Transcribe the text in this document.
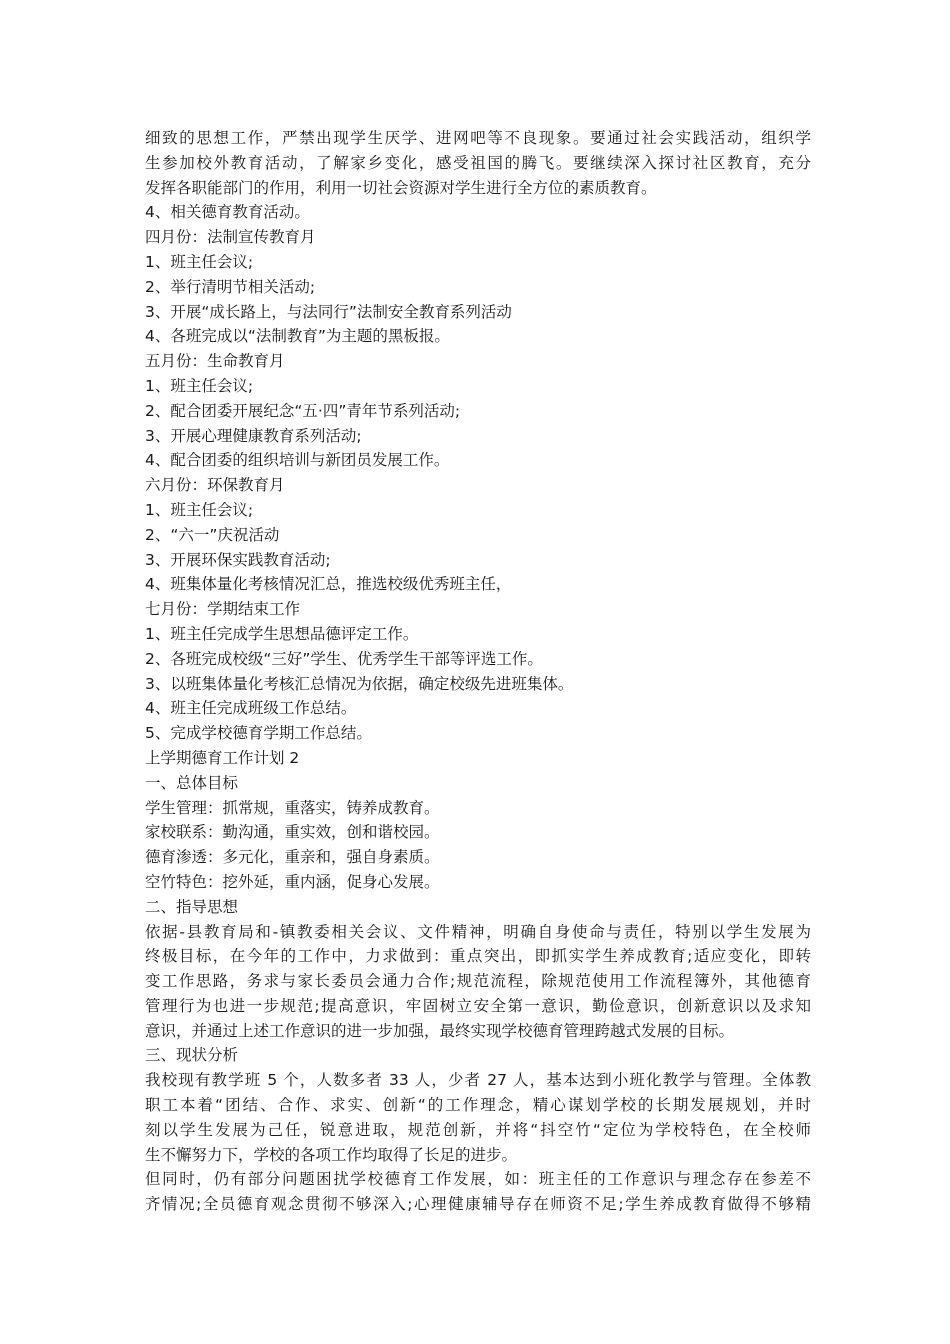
细致的思想工作，严禁出现学生厌学、进网吧等不良现象。要通过社会实践活动，组织学
生参加校外教育活动，了解家乡变化，感受祖国的腾飞。要继续深入探讨社区教育，充分
发挥各职能部门的作用，利用一切社会资源对学生进行全方位的素质教育。
4、相关德育教育活动。
四月份：法制宣传教育月
1、班主任会议;
2、举行清明节相关活动;
3、开展“成长路上，与法同行”法制安全教育系列活动
4、各班完成以“法制教育”为主题的黑板报。
五月份：生命教育月
1、班主任会议;
2、配合团委开展纪念“五·四”青年节系列活动;
3、开展心理健康教育系列活动;
4、配合团委的组织培训与新团员发展工作。
六月份：环保教育月
1、班主任会议;
2、“六一”庆祝活动
3、开展环保实践教育活动;
4、班集体量化考核情况汇总，推选校级优秀班主任，
七月份：学期结束工作
1、班主任完成学生思想品德评定工作。
2、各班完成校级“三好”学生、优秀学生干部等评选工作。
3、以班集体量化考核汇总情况为依据，确定校级先进班集体。
4、班主任完成班级工作总结。
5、完成学校德育学期工作总结。
上学期德育工作计划 2
一、总体目标
学生管理：抓常规，重落实，铸养成教育。
家校联系：勤沟通，重实效，创和谐校园。
德育渗透：多元化，重亲和，强自身素质。
空竹特色：挖外延，重内涵，促身心发展。
二、指导思想
依据-县教育局和-镇教委相关会议、文件精神，明确自身使命与责任，特别以学生发展为
终极目标，在今年的工作中，力求做到：重点突出，即抓实学生养成教育;适应变化，即转
变工作思路，务求与家长委员会通力合作;规范流程，除规范使用工作流程簿外，其他德育
管理行为也进一步规范;提高意识，牢固树立安全第一意识，勤俭意识，创新意识以及求知
意识，并通过上述工作意识的进一步加强，最终实现学校德育管理跨越式发展的目标。
三、现状分析
我校现有教学班 5 个，人数多者 33 人，少者 27 人，基本达到小班化教学与管理。全体教
职工本着“团结、合作、求实、创新“的工作理念，精心谋划学校的长期发展规划，并时
刻以学生发展为己任，锐意进取，规范创新，并将“抖空竹“定位为学校特色，在全校师
生不懈努力下，学校的各项工作均取得了长足的进步。
但同时，仍有部分问题困扰学校德育工作发展，如：班主任的工作意识与理念存在参差不
齐情况;全员德育观念贯彻不够深入;心理健康辅导存在师资不足;学生养成教育做得不够精
